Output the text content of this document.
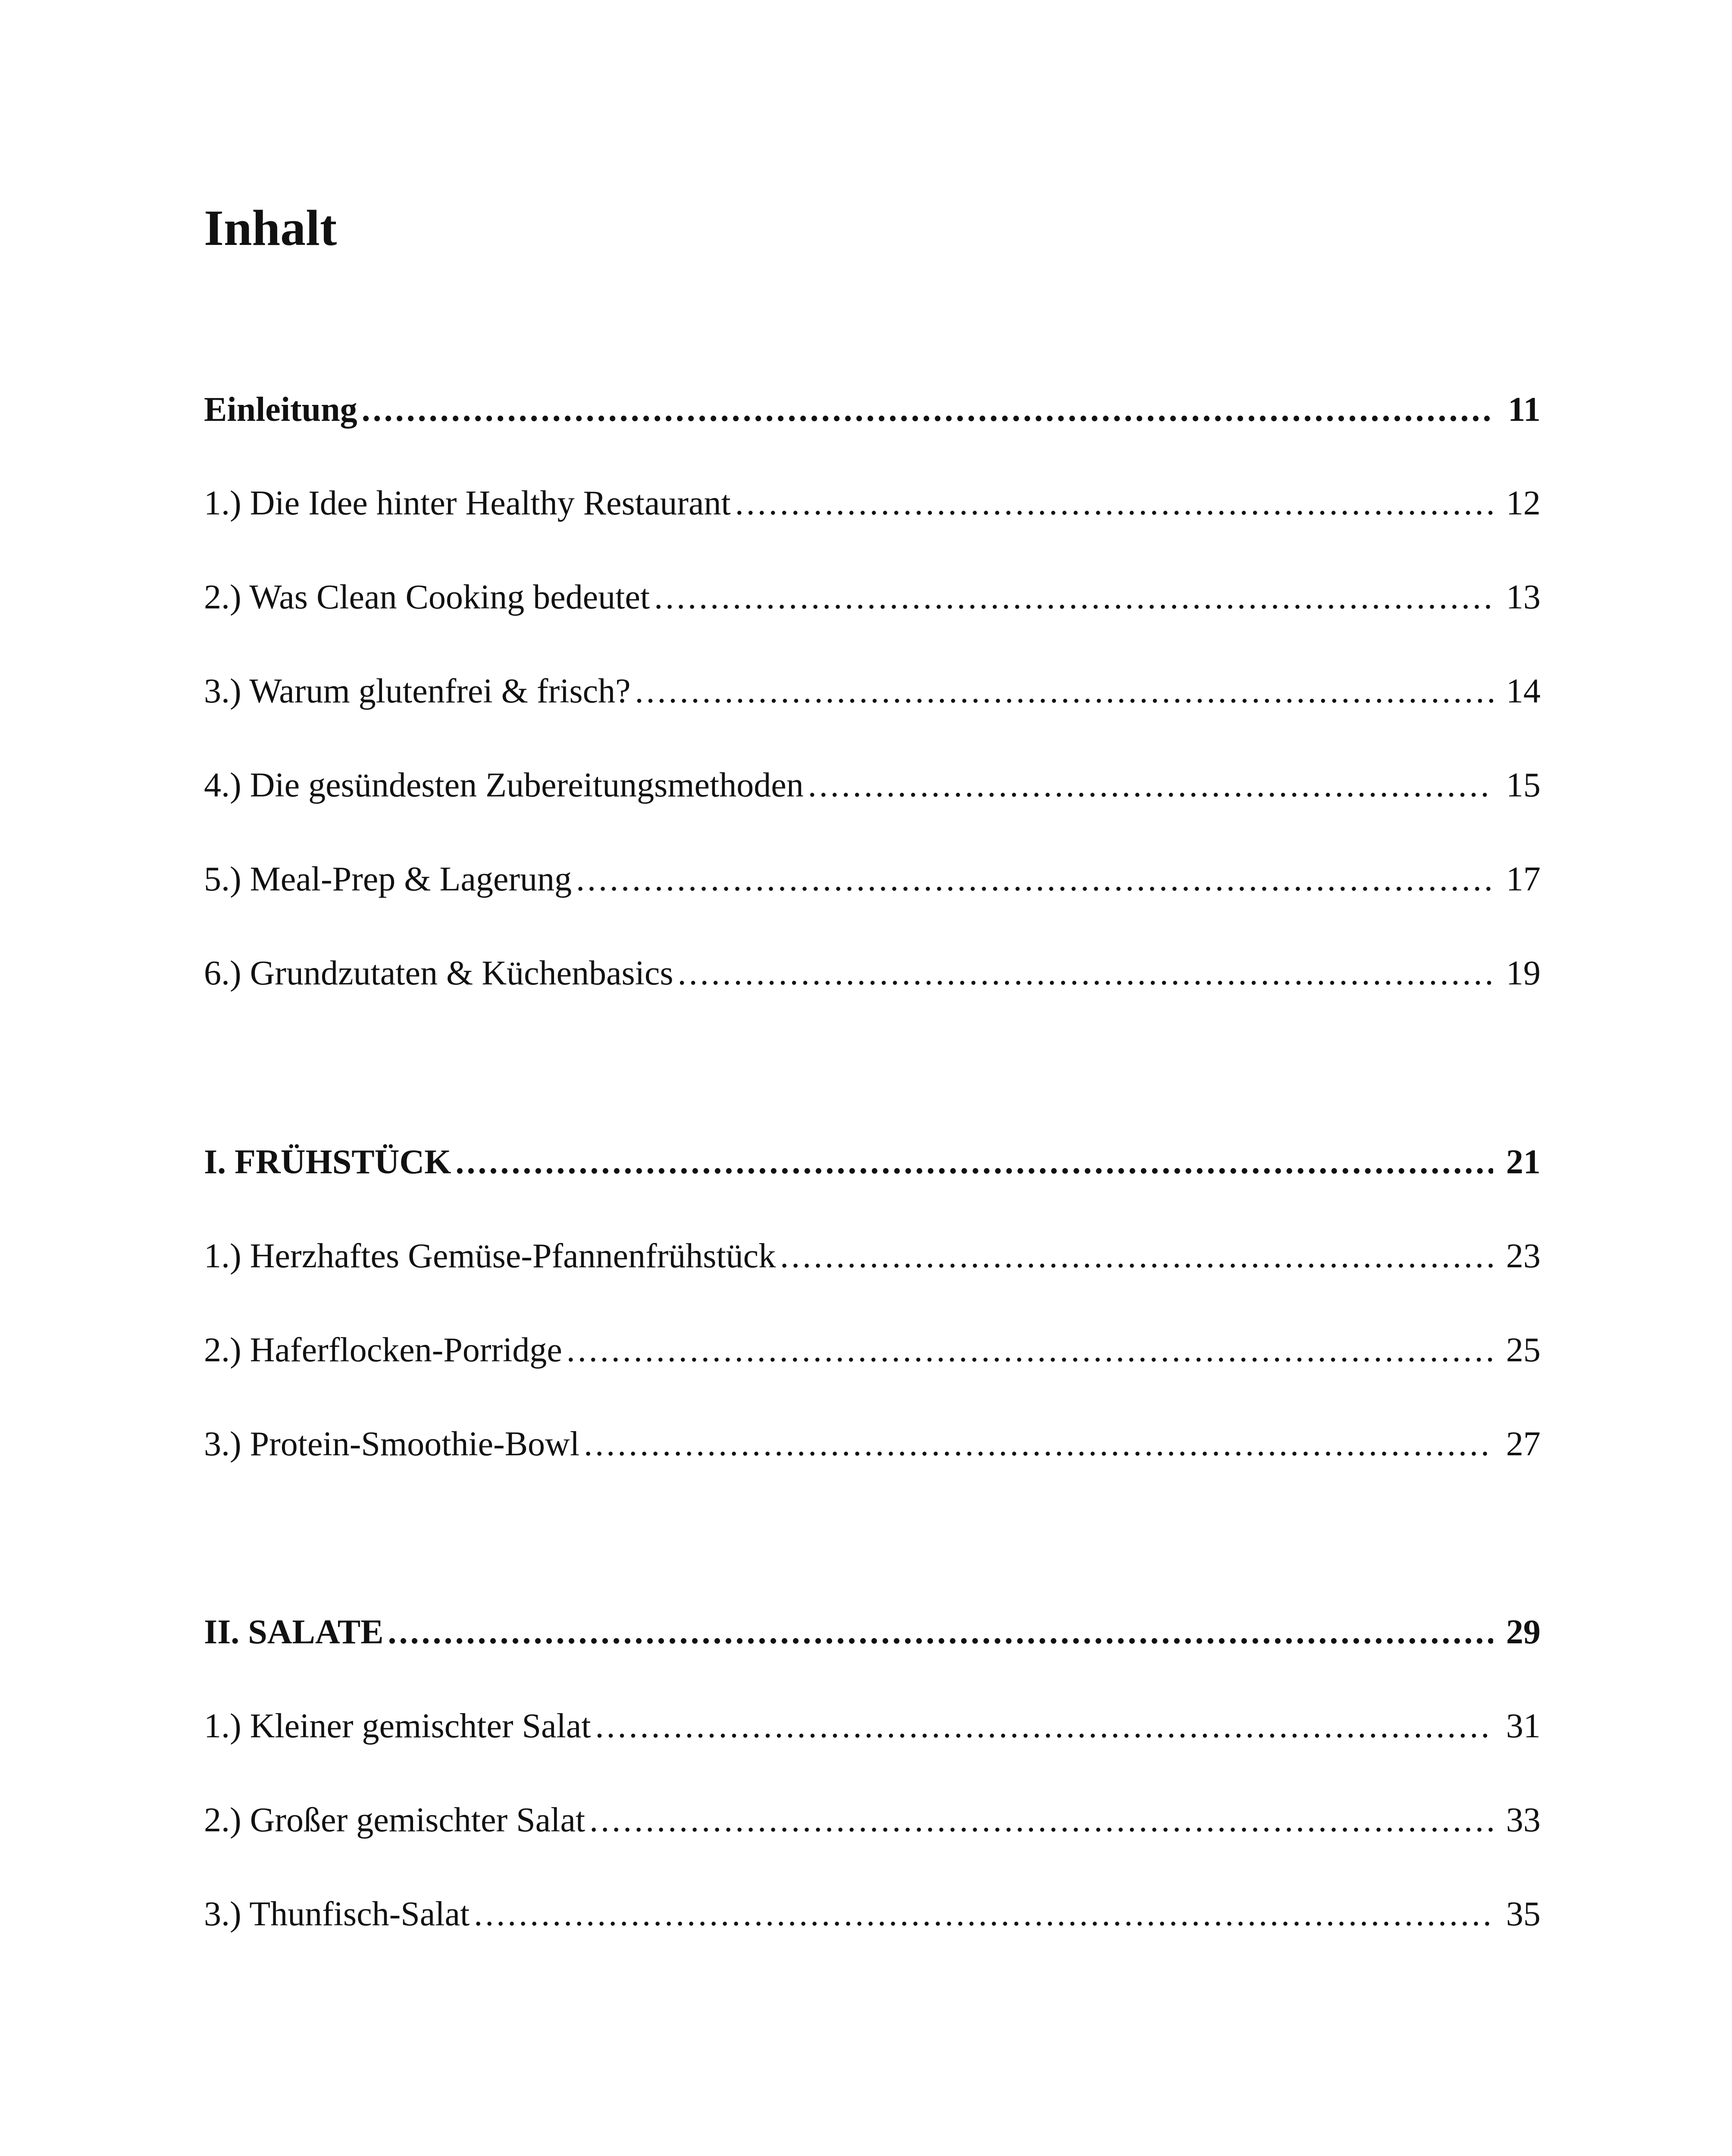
Inhalt
Einleitung .....	11
1.) Die Idee hinter Healthy Restaurant .....	12
2.) Was Clean Cooking bedeutet .....	13
3.) Warum glutenfrei & frisch? .....	14
4.) Die gesündesten Zubereitungsmethoden .....	15
5.) Meal-Prep & Lagerung .....	17
6.) Grundzutaten & Küchenbasics .....	19
I. FRÜHSTÜCK .....	21
1.) Herzhaftes Gemüse-Pfannenfrühstück .....	23
2.) Haferflocken-Porridge .....	25
3.) Protein-Smoothie-Bowl .....	27
II. SALATE .....	29
1.) Kleiner gemischter Salat .....	31
2.) Großer gemischter Salat .....	33
3.) Thunfisch-Salat .....	35
